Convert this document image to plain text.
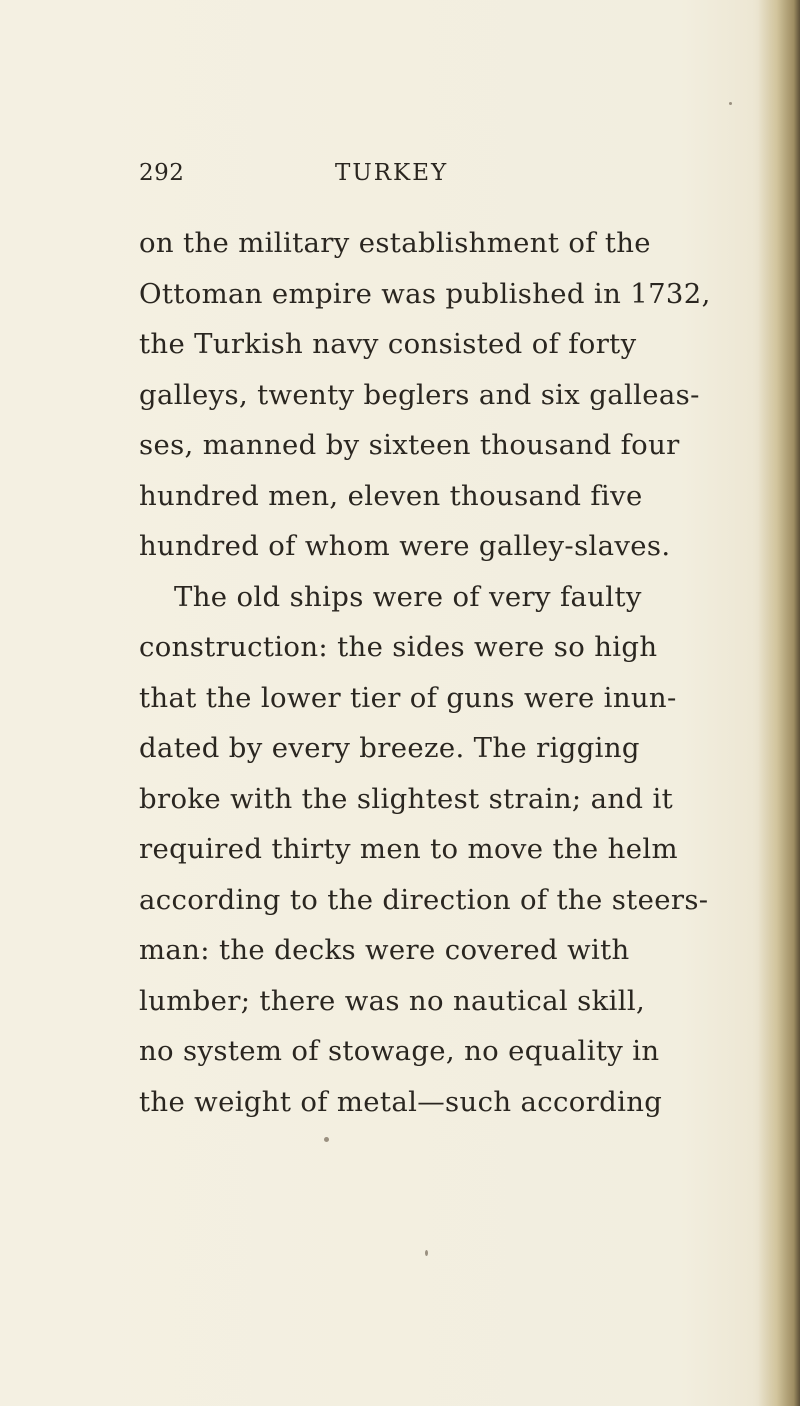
292	TURKEY
on the military establishment of the
Ottoman empire was published in 1732,
the Turkish navy consisted of forty
galleys, twenty beglers and six galleas-
ses, manned by sixteen thousand four
hundred men, eleven thousand five
hundred of whom were galley-slaves.
The old ships were of very faulty
construction: the sides were so high
that the lower tier of guns were inun-
dated by every breeze. The rigging
broke with the slightest strain; and it
required thirty men to move the helm
according to the direction of the steers-
man: the decks were covered with
lumber; there was no nautical skill,
no system of stowage, no equality in
the weight of metal—such according
